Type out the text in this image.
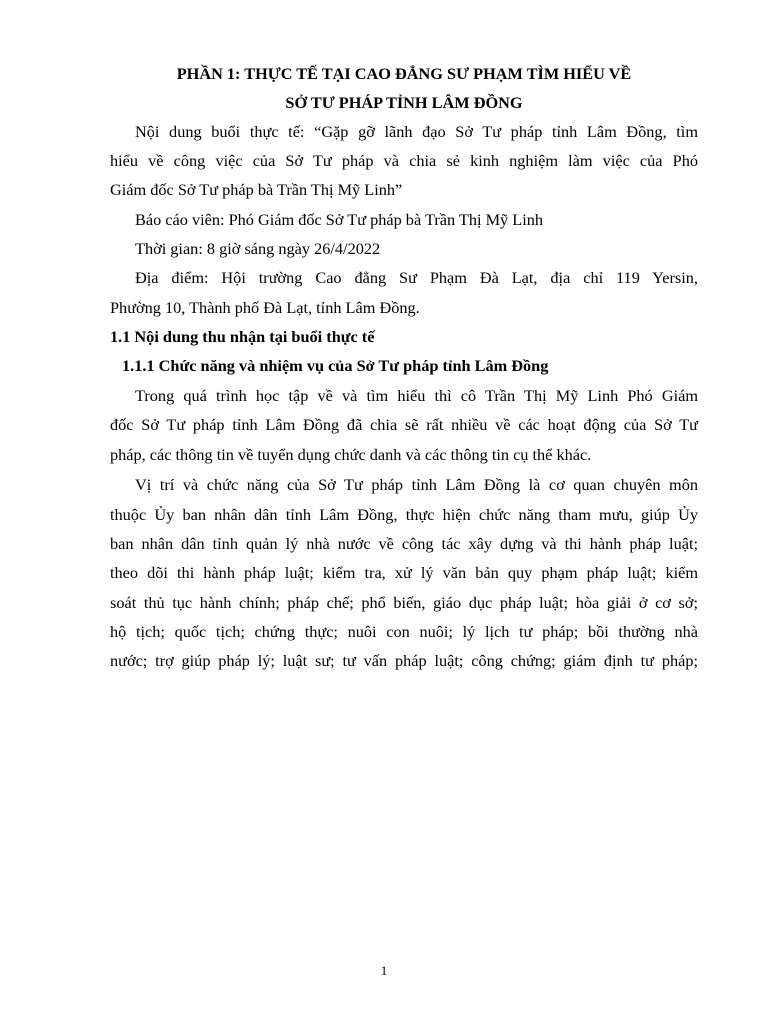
PHẦN 1: THỰC TẾ TẠI CAO ĐẲNG SƯ PHẠM TÌM HIỂU VỀ
SỞ TƯ PHÁP TỈNH LÂM ĐỒNG
Nội dung buổi thực tế: “Gặp gỡ lãnh đạo Sở Tư pháp tỉnh Lâm Đồng, tìm
hiểu về công việc của Sở Tư pháp và chia sẻ kinh nghiệm làm việc của Phó
Giám đốc Sở Tư pháp bà Trần Thị Mỹ Linh”
Báo cáo viên: Phó Giám đốc Sở Tư pháp bà Trần Thị Mỹ Linh
Thời gian: 8 giờ sáng ngày 26/4/2022
Địa điểm: Hội trường Cao đẳng Sư Phạm Đà Lạt, địa chỉ 119 Yersin,
Phường 10, Thành phố Đà Lạt, tỉnh Lâm Đồng.
1.1 Nội dung thu nhận tại buổi thực tế
1.1.1 Chức năng và nhiệm vụ của Sở Tư pháp tỉnh Lâm Đồng
Trong quá trình học tập về và tìm hiểu thì cô Trần Thị Mỹ Linh Phó Giám
đốc Sở Tư pháp tỉnh Lâm Đồng đã chia sẽ rất nhiều về các hoạt động của Sở Tư
pháp, các thông tin về tuyển dụng chức danh và các thông tin cụ thể khác.
Vị trí và chức năng của Sở Tư pháp tỉnh Lâm Đồng là cơ quan chuyên môn
thuộc Ủy ban nhân dân tỉnh Lâm Đồng, thực hiện chức năng tham mưu, giúp Ủy
ban nhân dân tỉnh quản lý nhà nước về công tác xây dựng và thi hành pháp luật;
theo dõi thi hành pháp luật; kiểm tra, xử lý văn bản quy phạm pháp luật; kiểm
soát thủ tục hành chính; pháp chế; phổ biến, giáo dục pháp luật; hòa giải ở cơ sở;
hộ tịch; quốc tịch; chứng thực; nuôi con nuôi; lý lịch tư pháp; bồi thường nhà
nước; trợ giúp pháp lý; luật sư; tư vấn pháp luật; công chứng; giám định tư pháp;
1
